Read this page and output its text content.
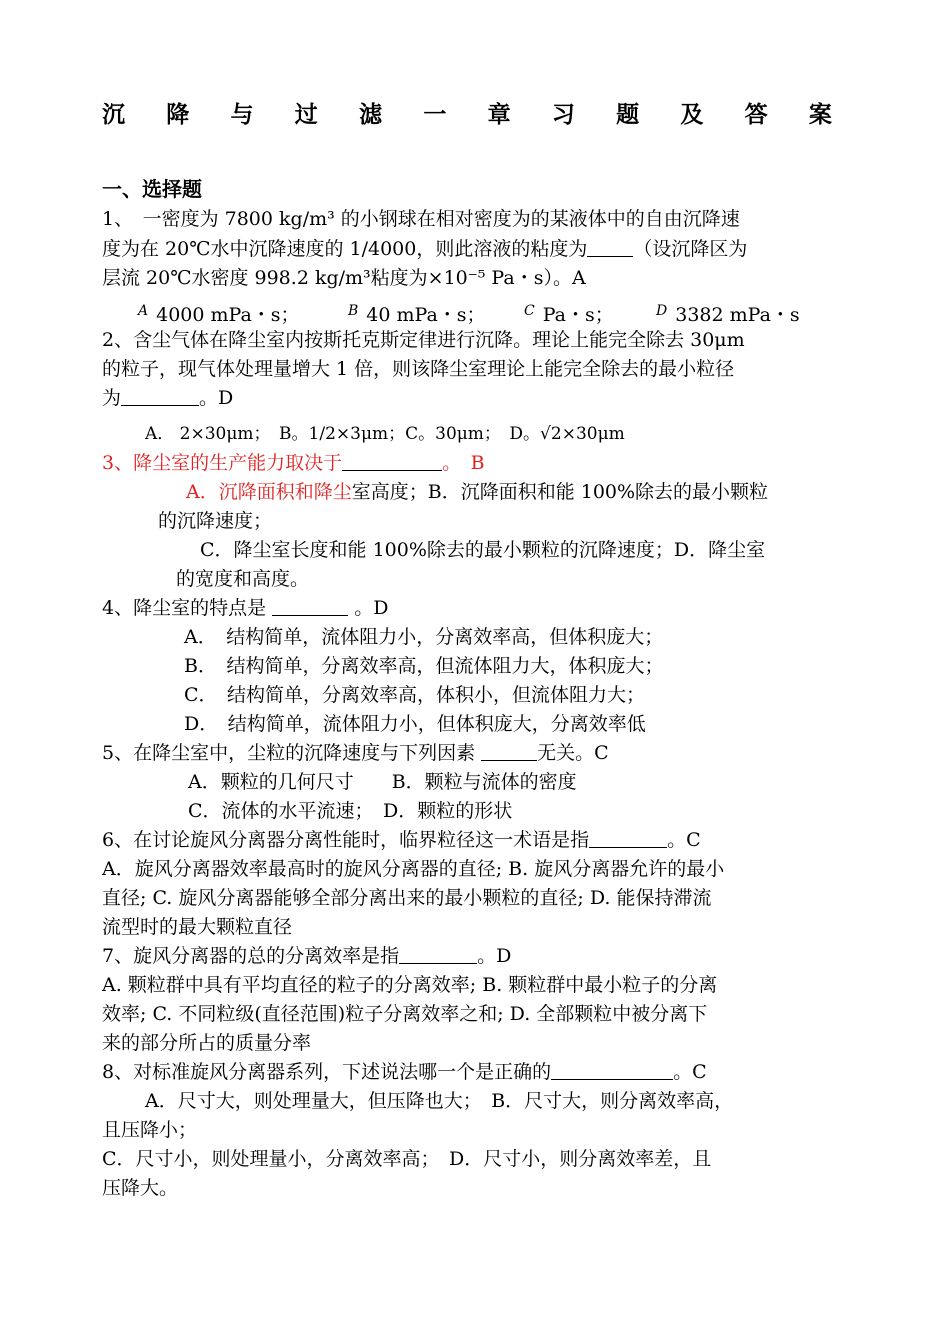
沉 降 与 过 滤 一 章 习 题 及 答 案
一、选择题
1、　一密度为 7800 kg/m³ 的小钢球在相对密度为的某液体中的自由沉降速
度为在 20℃水中沉降速度的 1/4000，则此溶液的粘度为 （设沉降区为
层流 20℃水密度 998.2 kg/m³粘度为×10⁻⁵ Pa・s）。A
$^A$ 4000 mPa・s；	$^B$ 40 mPa・s；	$^C$ Pa・s；	$^D$ 3382 mPa・s
2、含尘气体在降尘室内按斯托克斯定律进行沉降。理论上能完全除去 30μm
的粒子，现气体处理量增大 1 倍，则该降尘室理论上能完全除去的最小粒径
为	。D
A． 2×30μm；　B。1/2×3μm；C。30μm；　D。√2×30μm
3、降尘室的生产能力取决于	。　B
A．沉降面积和降尘室高度；B．沉降面积和能 100%除去的最小颗粒
的沉降速度；
C．降尘室长度和能 100%除去的最小颗粒的沉降速度；D．降尘室
的宽度和高度。
4、降尘室的特点是	。D
A．　结构简单，流体阻力小，分离效率高，但体积庞大；
B．　结构简单，分离效率高，但流体阻力大，体积庞大；
C．　结构简单，分离效率高，体积小，但流体阻力大；
D．　结构简单，流体阻力小，但体积庞大，分离效率低
5、在降尘室中，尘粒的沉降速度与下列因素	无关。C
A．颗粒的几何尺寸　　B．颗粒与流体的密度
C．流体的水平流速；　D．颗粒的形状
6、在讨论旋风分离器分离性能时，临界粒径这一术语是指	。C
A．旋风分离器效率最高时的旋风分离器的直径; B. 旋风分离器允许的最小
直径; C. 旋风分离器能够全部分离出来的最小颗粒的直径; D. 能保持滞流
流型时的最大颗粒直径
7、旋风分离器的总的分离效率是指	。D
A. 颗粒群中具有平均直径的粒子的分离效率; B. 颗粒群中最小粒子的分离
效率; C. 不同粒级(直径范围)粒子分离效率之和; D. 全部颗粒中被分离下
来的部分所占的质量分率
8、对标准旋风分离器系列，下述说法哪一个是正确的	。C
A．尺寸大，则处理量大，但压降也大；　B．尺寸大，则分离效率高，
且压降小；
C．尺寸小，则处理量小，分离效率高；　D．尺寸小，则分离效率差，且
压降大。
